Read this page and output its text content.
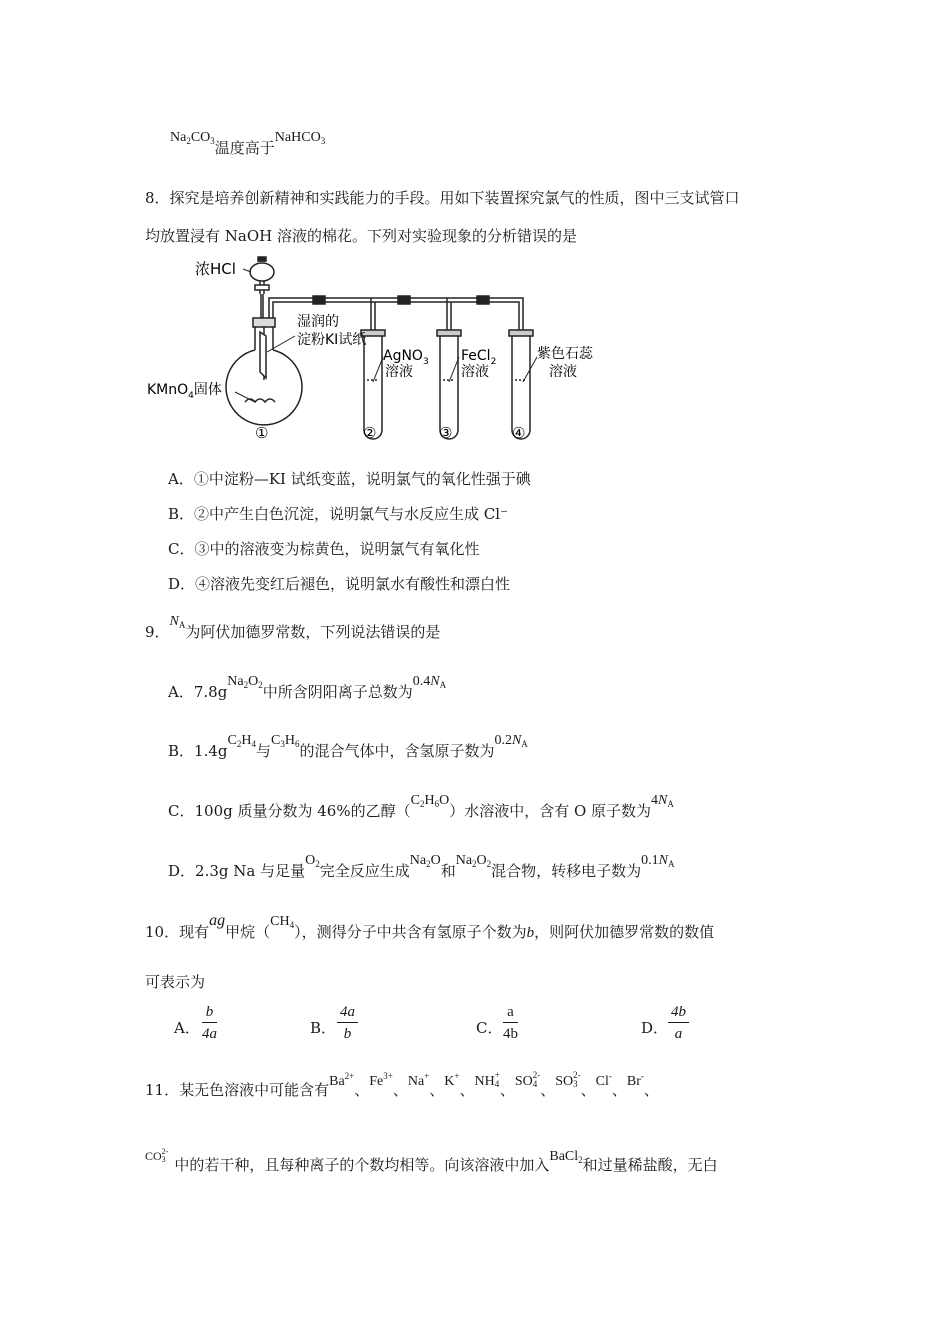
$Na_2CO_3$温度高于NaHCO$_3$
8．探究是培养创新精神和实践能力的手段。用如下装置探究氯气的性质，图中三支试管口
均放置浸有 NaOH 溶液的棉花。下列对实验现象的分析错误的是
浓HCl
湿润的
淀粉KI试纸
KMnO$_4$固体
AgNO$_3$
溶液
FeCl$_2$
溶液
紫色石蕊
溶液
①	②	③	④
A．①中淀粉—KI 试纸变蓝，说明氯气的氧化性强于碘
B．②中产生白色沉淀，说明氯气与水反应生成 Cl⁻
C．③中的溶液变为棕黄色，说明氯气有氧化性
D．④溶液先变红后褪色，说明氯水有酸性和漂白性
9．$N_A$为阿伏加德罗常数，下列说法错误的是
A．$7.8gNa_2O_2$中所含阴阳离子总数为$0.4N_A$
B．$1.4gC_2H_4$与$C_3H_6$的混合气体中，含氢原子数为$0.2N_A$
C．100g 质量分数为 46%的乙醇$(C_2H_6O)$水溶液中，含有 O 原子数为$4N_A$
D．2.3g Na 与足量$O_2$完全反应生成$Na_2O$和$Na_2O_2$混合物，转移电子数为$0.1N_A$
10．现有ag甲烷$(CH_4)$，测得分子中共含有氢原子个数为b，则阿伏加德罗常数的数值
可表示为
A． $\frac{b}{4a}$	B． $\frac{4a}{b}$	C． $\frac{a}{4b}$	D． $\frac{4b}{a}$
11．某无色溶液中可能含有$Ba^{2+}$、$Fe^{3+}$、Na+、K+、NH +
4 、SO 2-
4 、SO 2-
3 、Cl-、Br-、
$^{CO 2- 3}$ 中的若干种，且每种离子的个数均相等。向该溶液中加入BaCl$_2$和过量稀盐酸，无白
